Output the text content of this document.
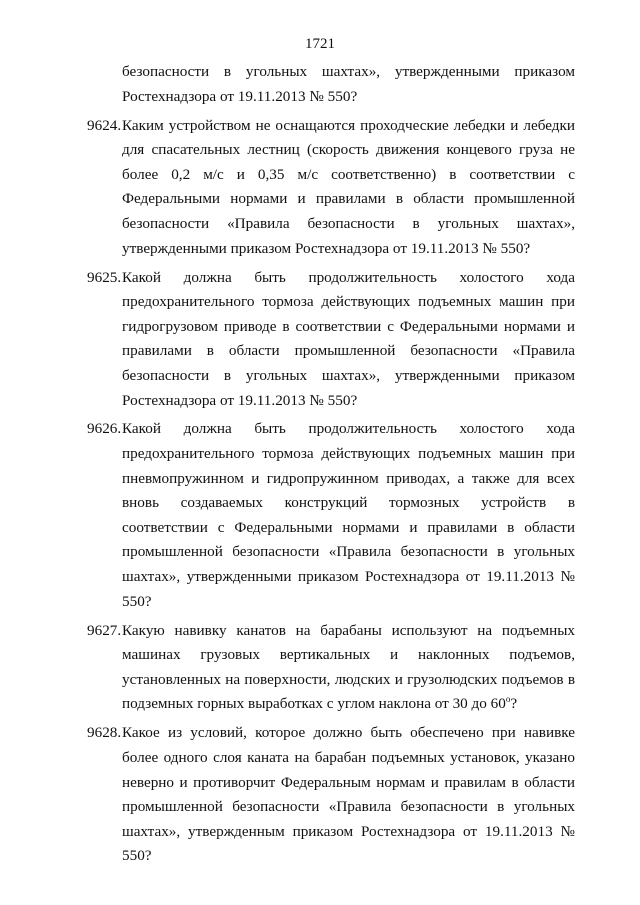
1721
безопасности в угольных шахтах», утвержденными приказом Ростехнадзора от 19.11.2013 № 550?
9624. Каким устройством не оснащаются проходческие лебедки и лебедки для спасательных лестниц (скорость движения концевого груза не более 0,2 м/с и 0,35 м/с соответственно) в соответствии с Федеральными нормами и правилами в области промышленной безопасности «Правила безопасности в угольных шахтах», утвержденными приказом Ростехнадзора от 19.11.2013 № 550?
9625. Какой должна быть продолжительность холостого хода предохранительного тормоза действующих подъемных машин при гидрогрузовом приводе в соответствии с Федеральными нормами и правилами в области промышленной безопасности «Правила безопасности в угольных шахтах», утвержденными приказом Ростехнадзора от 19.11.2013 № 550?
9626. Какой должна быть продолжительность холостого хода предохранительного тормоза действующих подъемных машин при пневмопружинном и гидропружинном приводах, а также для всех вновь создаваемых конструкций тормозных устройств в соответствии с Федеральными нормами и правилами в области промышленной безопасности «Правила безопасности в угольных шахтах», утвержденными приказом Ростехнадзора от 19.11.2013 № 550?
9627. Какую навивку канатов на барабаны используют на подъемных машинах грузовых вертикальных и наклонных подъемов, установленных на поверхности, людских и грузолюдских подъемов в подземных горных выработках с углом наклона от 30 до $60^о$?
9628. Какое из условий, которое должно быть обеспечено при навивке более одного слоя каната на барабан подъемных установок, указано неверно и противорчит Федеральным нормам и правилам в области промышленной безопасности «Правила безопасности в угольных шахтах», утвержденным приказом Ростехнадзора от 19.11.2013 № 550?
